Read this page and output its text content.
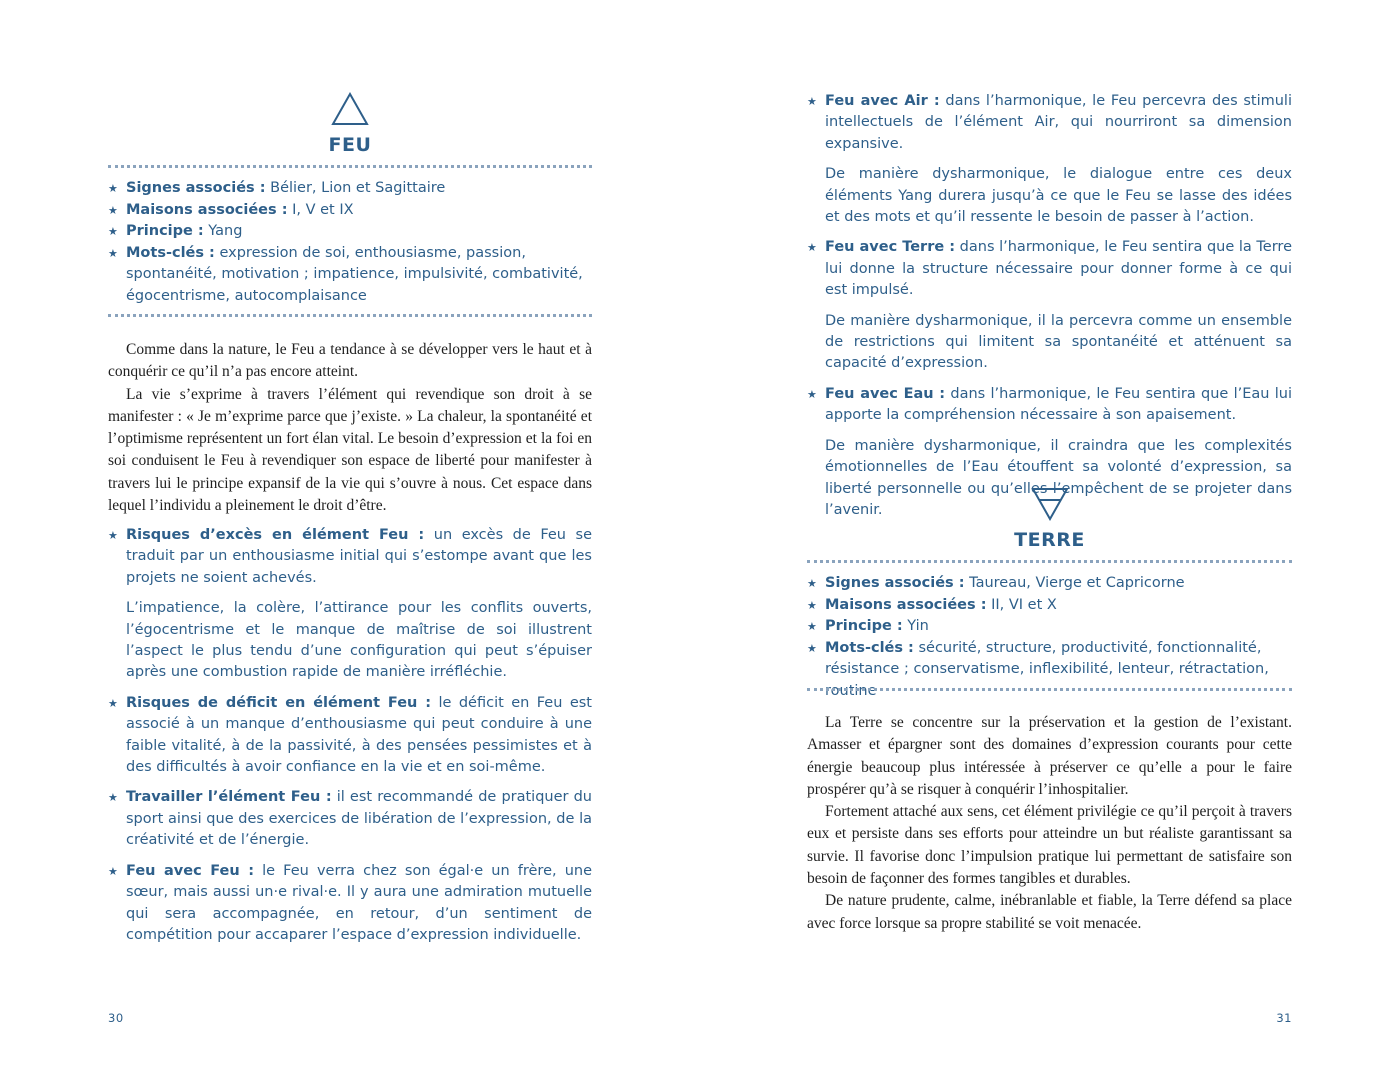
FEU
★ Signes associés : Bélier, Lion et Sagittaire
★ Maisons associées : I, V et IX
★ Principe : Yang
★ Mots-clés : expression de soi, enthousiasme, passion, spontanéité, motivation ; impatience, impulsivité, combativité, égocentrisme, autocomplaisance

Comme dans la nature, le Feu a tendance à se développer vers le haut et à conquérir ce qu’il n’a pas encore atteint.

La vie s’exprime à travers l’élément qui revendique son droit à se manifester : « Je m’exprime parce que j’existe. » La chaleur, la spontanéité et l’optimisme représentent un fort élan vital. Le besoin d’expression et la foi en soi conduisent le Feu à revendiquer son espace de liberté pour manifester à travers lui le principe expansif de la vie qui s’ouvre à nous. Cet espace dans lequel l’individu a pleinement le droit d’être.

★ Risques d’excès en élément Feu : un excès de Feu se traduit par un enthousiasme initial qui s’estompe avant que les projets ne soient achevés.

L’impatience, la colère, l’attirance pour les conflits ouverts, l’égocentrisme et le manque de maîtrise de soi illustrent l’aspect le plus tendu d’une configuration qui peut s’épuiser après une combustion rapide de manière irréfléchie.

★ Risques de déficit en élément Feu : le déficit en Feu est associé à un manque d’enthousiasme qui peut conduire à une faible vitalité, à de la passivité, à des pensées pessimistes et à des difficultés à avoir confiance en la vie et en soi-même.

★ Travailler l’élément Feu : il est recommandé de pratiquer du sport ainsi que des exercices de libération de l’expression, de la créativité et de l’énergie.

★ Feu avec Feu : le Feu verra chez son égal·e un frère, une sœur, mais aussi un·e rival·e. Il y aura une admiration mutuelle qui sera accompagnée, en retour, d’un sentiment de compétition pour accaparer l’espace d’expression individuelle.

30
★ Feu avec Air : dans l’harmonique, le Feu percevra des stimuli intellectuels de l’élément Air, qui nourriront sa dimension expansive.

De manière dysharmonique, le dialogue entre ces deux éléments Yang durera jusqu’à ce que le Feu se lasse des idées et des mots et qu’il ressente le besoin de passer à l’action.

★ Feu avec Terre : dans l’harmonique, le Feu sentira que la Terre lui donne la structure nécessaire pour donner forme à ce qui est impulsé.

De manière dysharmonique, il la percevra comme un ensemble de restrictions qui limitent sa spontanéité et atténuent sa capacité d’expression.

★ Feu avec Eau : dans l’harmonique, le Feu sentira que l’Eau lui apporte la compréhension nécessaire à son apaisement.

De manière dysharmonique, il craindra que les complexités émotionnelles de l’Eau étouffent sa volonté d’expression, sa liberté personnelle ou qu’elles l’empêchent de se projeter dans l’avenir.

TERRE
★ Signes associés : Taureau, Vierge et Capricorne
★ Maisons associées : II, VI et X
★ Principe : Yin
★ Mots-clés : sécurité, structure, productivité, fonctionnalité, résistance ; conservatisme, inflexibilité, lenteur, rétractation, routine

La Terre se concentre sur la préservation et la gestion de l’existant. Amasser et épargner sont des domaines d’expression courants pour cette énergie beaucoup plus intéressée à préserver ce qu’elle a pour le faire prospérer qu’à se risquer à conquérir l’inhospitalier.

Fortement attaché aux sens, cet élément privilégie ce qu’il perçoit à travers eux et persiste dans ses efforts pour atteindre un but réaliste garantissant sa survie. Il favorise donc l’impulsion pratique lui permettant de satisfaire son besoin de façonner des formes tangibles et durables.

De nature prudente, calme, inébranlable et fiable, la Terre défend sa place avec force lorsque sa propre stabilité se voit menacée.

31
